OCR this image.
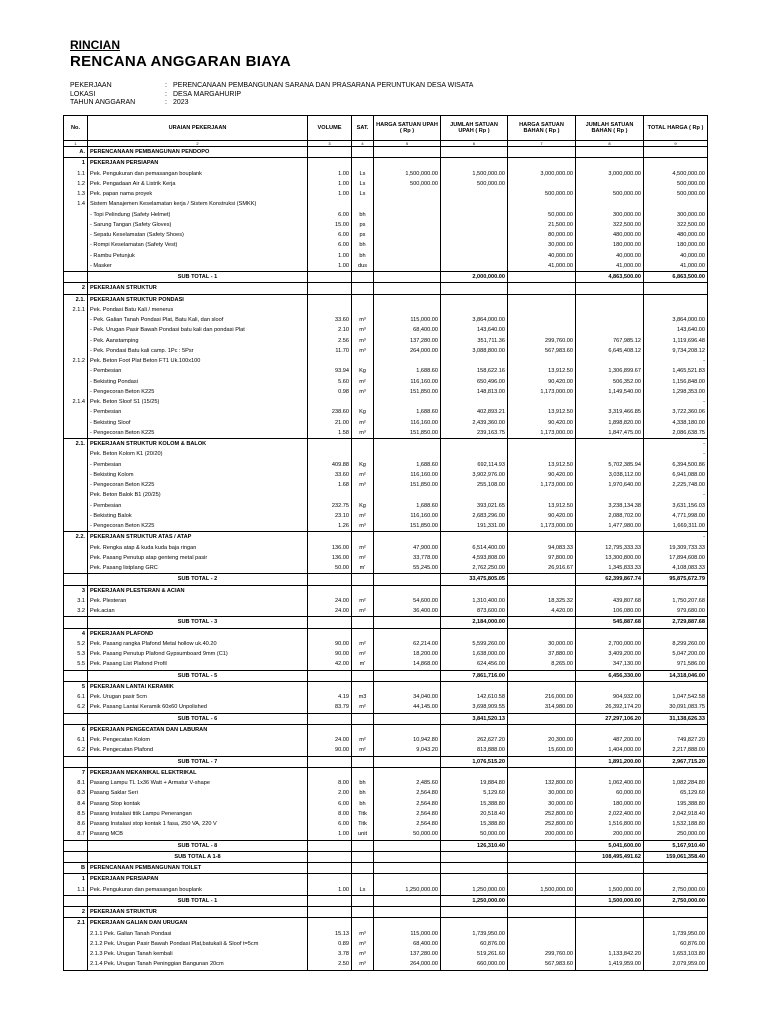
RINCIAN
RENCANA ANGGARAN BIAYA
PEKERJAAN	: PERENCANAAN PEMBANGUNAN SARANA DAN PRASARANA PERUNTUKAN DESA WISATA
LOKASI	: DESA MARGAHURIP
TAHUN ANGGARAN	: 2023
No.	URAIAN PEKERJAAN	VOLUME	SAT.	HARGA SATUAN UPAH ( Rp )	JUMLAH SATUAN UPAH ( Rp )	HARGA SATUAN BAHAN ( Rp )	JUMLAH SATUAN BAHAN ( Rp )	TOTAL HARGA ( Rp )
1	2	3	4	5	6	7	8	9
A.	PERENCANAAN PEMBANGUNAN PENDOPO							
1	PEKERJAAN PERSIAPAN							
1.1	Pek. Pengukuran dan pemasangan bouplank	1.00	Ls	1,500,000.00	1,500,000.00	3,000,000.00	3,000,000.00	4,500,000.00
1.2	Pek. Pengadaan Air & Listrik Kerja	1.00	Ls	500,000.00	500,000.00			500,000.00
1.3	Pek. papan nama proyek	1.00	Ls			500,000.00	500,000.00	500,000.00
1.4	Sistem Manajemen Keselamatan kerja / Sistem Konstruksi (SMKK)							
	- Topi Pelindung (Safety Helmet)	6.00	bh			50,000.00	300,000.00	300,000.00
	- Sarung Tangan (Safety Gloves)	15.00	ps			21,500.00	322,500.00	322,500.00
	- Sepatu Keselamatan (Safety Shoes)	6.00	ps			80,000.00	480,000.00	480,000.00
	- Rompi Keselamatan (Safety Vest)	6.00	bh			30,000.00	180,000.00	180,000.00
	- Rambu Petunjuk	1.00	bh			40,000.00	40,000.00	40,000.00
	- Masker	1.00	dus			41,000.00	41,000.00	41,000.00
	SUB TOTAL - 1				2,000,000.00		4,863,500.00	6,863,500.00
2	PEKERJAAN STRUKTUR							
2.1.	PEKERJAAN STRUKTUR PONDASI							
2.1.1	Pek. Pondasi Batu Kali / menerus							
	- Pek. Galian Tanah Pondasi Plat, Batu Kali, dan sloof	33.60	m³	115,000.00	3,864,000.00			3,864,000.00
	- Pek. Urugan Pasir Bawah Pondasi batu kali dan pondasi Plat	2.10	m³	68,400.00	143,640.00			143,640.00
	- Pek. Aanstamping	2.56	m³	137,280.00	351,711.36	299,760.00	767,985.12	1,119,696.48
	- Pek. Pondasi Batu kali camp. 1Pc : 5Psr	11.70	m³	264,000.00	3,088,800.00	567,983.60	6,645,408.12	9,734,208.12
2.1.2	Pek. Beton Foot Plat Beton FT1 Uk.100x100							-
	- Pembesian	93.94	Kg	1,688.60	158,622.16	13,912.50	1,306,899.67	1,465,521.83
	- Bekisting Pondasi	5.60	m²	116,160.00	650,496.00	90,420.00	506,352.00	1,156,848.00
	- Pengecoran Beton K225	0.98	m³	151,850.00	148,813.00	1,173,000.00	1,149,540.00	1,298,353.00
2.1.4	Pek. Beton Sloof S1 (15/25)							-
	- Pembesian	238.60	Kg	1,688.60	402,893.21	13,912.50	3,319,466.85	3,722,360.06
	- Bekisting Sloof	21.00	m²	116,160.00	2,439,360.00	90,420.00	1,898,820.00	4,338,180.00
	- Pengecoran Beton K225	1.58	m³	151,850.00	239,163.75	1,173,000.00	1,847,475.00	2,086,638.75
2.1.	PEKERJAAN STRUKTUR KOLOM & BALOK							-
	Pek. Beton Kolom K1 (20/20)							-
	- Pembesian	409.88	Kg	1,688.60	692,114.93	13,912.50	5,702,385.94	6,394,500.86
	- Bekisting Kolom	33.60	m²	116,160.00	3,902,976.00	90,420.00	3,038,112.00	6,941,088.00
	- Pengecoran Beton K225	1.68	m³	151,850.00	255,108.00	1,173,000.00	1,970,640.00	2,225,748.00
	Pek. Beton Balok B1 (20/25)							-
	- Pembesian	232.75	Kg	1,688.60	393,021.65	13,912.50	3,238,134.38	3,631,156.03
	- Bekisting Balok	23.10	m²	116,160.00	2,683,296.00	90,420.00	2,088,702.00	4,771,998.00
	- Pengecoran Beton K225	1.26	m³	151,850.00	191,331.00	1,173,000.00	1,477,980.00	1,669,311.00
2.2.	PEKERJAAN STRUKTUR ATAS / ATAP							-
	Pek. Rengka atap & kuda kuda baja ringan	136.00	m²	47,900.00	6,514,400.00	94,083.33	12,795,333.33	19,309,733.33
	Pek. Pasang Penutup atap genteng metal pasir	136.00	m²	33,778.00	4,593,808.00	97,800.00	13,300,800.00	17,894,608.00
	Pek. Pasang listplang GRC	50.00	m'	55,245.00	2,762,250.00	26,916.67	1,345,833.33	4,108,083.33
	SUB TOTAL - 2				33,475,805.05		62,399,867.74	95,875,672.79
3	PEKERJAAN PLESTERAN & ACIAN							
3.1	Pek. Plesteran	24.00	m²	54,600.00	1,310,400.00	18,325.32	439,807.68	1,750,207.68
3.2	Pek.acian	24.00	m²	36,400.00	873,600.00	4,420.00	106,080.00	979,680.00
	SUB TOTAL - 3				2,184,000.00		545,887.68	2,729,887.68
4	PEKERJAAN PLAFOND							
5.2	Pek. Pasang rangka Plafond Metal hollow uk.40.20	90.00	m²	62,214.00	5,599,260.00	30,000.00	2,700,000.00	8,299,260.00
5.3	Pek. Pasang Penutup Plafond Gypsumboard 9mm (C1)	90.00	m²	18,200.00	1,638,000.00	37,880.00	3,409,200.00	5,047,200.00
5.5	Pek. Pasang List Plafond Profil	42.00	m'	14,868.00	624,456.00	8,265.00	347,130.00	971,586.00
	SUB TOTAL - 5				7,861,716.00		6,456,330.00	14,318,046.00
5	PEKERJAAN LANTAI KERAMIK							
6.1	Pek. Urugan pasir 5cm	4.19	m3	34,040.00	142,610.58	216,000.00	904,932.00	1,047,542.58
6.2	Pek. Pasang Lantai Keramik 60x60 Unpolished	83.79	m²	44,145.00	3,698,909.55	314,980.00	26,392,174.20	30,091,083.75
	SUB TOTAL - 6				3,841,520.13		27,297,106.20	31,138,626.33
6	PEKERJAAN PENGECATAN DAN LABURAN							
6.1	Pek. Pengecatan Kolom	24.00	m²	10,942.80	262,627.20	20,300.00	487,200.00	749,827.20
6.2	Pek. Pengecatan Plafond	90.00	m²	9,043.20	813,888.00	15,600.00	1,404,000.00	2,217,888.00
	SUB TOTAL - 7				1,076,515.20		1,891,200.00	2,967,715.20
7	PEKERJAAN MEKANIKAL ELEKTRIKAL							
8.1	Pasang Lampu TL 1x36 Watt + Armatur V-shape	8.00	bh	2,485.60	19,884.80	132,800.00	1,062,400.00	1,082,284.80
8.3	Pasang Saklar Seri	2.00	bh	2,564.80	5,129.60	30,000.00	60,000.00	65,129.60
8.4	Pasang Stop kontak	6.00	bh	2,564.80	15,388.80	30,000.00	180,000.00	195,388.80
8.5	Pasang Instalasi titik Lampu Penerangan	8.00	Titk	2,564.80	20,518.40	252,800.00	2,022,400.00	2,042,918.40
8.6	Pasang Instalasi stop kontak 1 fasa, 250 VA, 220 V	6.00	Titk	2,564.80	15,388.80	252,800.00	1,516,800.00	1,532,188.80
8.7	Pasang MCB	1.00	unit	50,000.00	50,000.00	200,000.00	200,000.00	250,000.00
	SUB TOTAL - 8				126,310.40		5,041,600.00	5,167,910.40
	SUB TOTAL A 1-8						108,495,491.62	159,061,358.40
B	PERENCANAAN PEMBANGUNAN TOILET							
1	PEKERJAAN PERSIAPAN							
1.1	Pek. Pengukuran dan pemasangan bouplank	1.00	Ls	1,250,000.00	1,250,000.00	1,500,000.00	1,500,000.00	2,750,000.00
	SUB TOTAL - 1				1,250,000.00		1,500,000.00	2,750,000.00
2	PEKERJAAN STRUKTUR							
2.1	PEKERJAAN GALIAN DAN URUGAN							
	2.1.1 Pek. Galian Tanah Pondasi	15.13	m³	115,000.00	1,739,950.00			1,739,950.00
	2.1.2 Pek. Urugan Pasir Bawah Pondasi Plat,batukali & Sloof t=5cm	0.89	m³	68,400.00	60,876.00			60,876.00
	2.1.3 Pek. Urugan Tanah kembali	3.78	m³	137,280.00	519,261.60	299,760.00	1,133,842.20	1,653,103.80
	2.1.4 Pek. Urugan Tanah Peninggian Bangunan 20cm	2.50	m³	264,000.00	660,000.00	567,983.60	1,419,959.00	2,079,959.00
